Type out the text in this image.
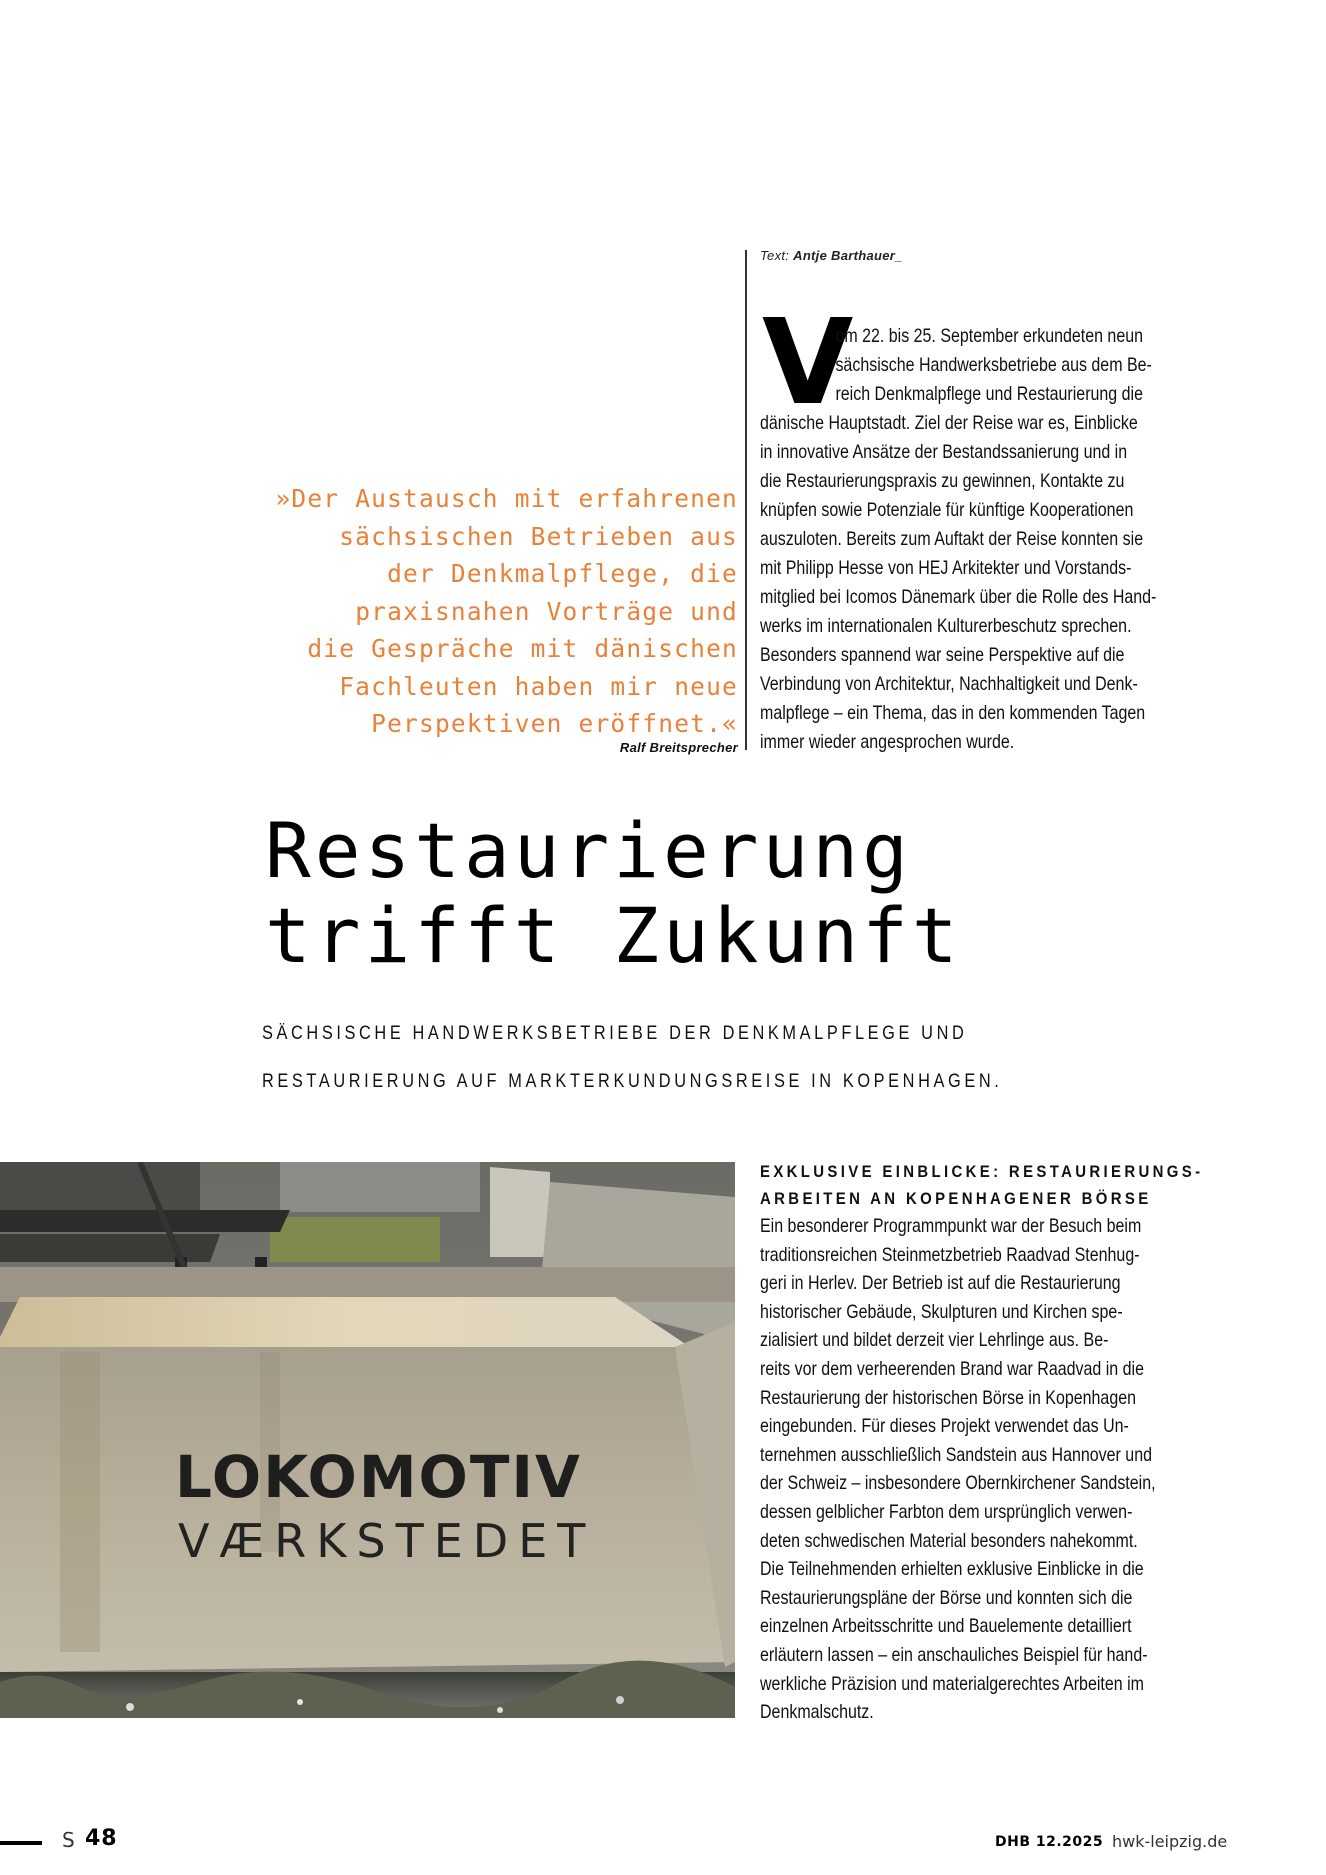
Text: Antje Barthauer_
V
om 22. bis 25. September erkundeten neun
sächsische Handwerksbetriebe aus dem Be-
reich Denkmalpflege und Restaurierung die
dänische Hauptstadt. Ziel der Reise war es, Einblicke
in innovative Ansätze der Bestandssanierung und in
die Restaurierungspraxis zu gewinnen, Kontakte zu
knüpfen sowie Potenziale für künftige Kooperationen
auszuloten. Bereits zum Auftakt der Reise konnten sie
mit Philipp Hesse von HEJ Arkitekter und Vorstands-
mitglied bei Icomos Dänemark über die Rolle des Hand-
werks im internationalen Kulturerbeschutz sprechen.
Besonders spannend war seine Perspektive auf die
Verbindung von Architektur, Nachhaltigkeit und Denk-
malpflege – ein Thema, das in den kommenden Tagen
immer wieder angesprochen wurde.
»Der Austausch mit erfahrenen
sächsischen Betrieben aus
der Denkmalpflege, die
praxisnahen Vorträge und
die Gespräche mit dänischen
Fachleuten haben mir neue
Perspektiven eröffnet.«
Ralf Breitsprecher
Restaurierung
trifft Zukunft
SÄCHSISCHE HANDWERKSBETRIEBE DER DENKMALPFLEGE UND
RESTAURIERUNG AUF MARKTERKUNDUNGSREISE IN KOPENHAGEN.
LOKOMOTIV
VÆRKSTEDET
EXKLUSIVE EINBLICKE: RESTAURIERUNGS-
ARBEITEN AN KOPENHAGENER BÖRSE
Ein besonderer Programmpunkt war der Besuch beim
traditionsreichen Steinmetzbetrieb Raadvad Stenhug-
geri in Herlev. Der Betrieb ist auf die Restaurierung
historischer Gebäude, Skulpturen und Kirchen spe-
zialisiert und bildet derzeit vier Lehrlinge aus. Be-
reits vor dem verheerenden Brand war Raadvad in die
Restaurierung der historischen Börse in Kopenhagen
eingebunden. Für dieses Projekt verwendet das Un-
ternehmen ausschließlich Sandstein aus Hannover und
der Schweiz – insbesondere Obernkirchener Sandstein,
dessen gelblicher Farbton dem ursprünglich verwen-
deten schwedischen Material besonders nahekommt.
Die Teilnehmenden erhielten exklusive Einblicke in die
Restaurierungspläne der Börse und konnten sich die
einzelnen Arbeitsschritte und Bauelemente detailliert
erläutern lassen – ein anschauliches Beispiel für hand-
werkliche Präzision und materialgerechtes Arbeiten im
Denkmalschutz.
S 48	DHB 12.2025 hwk-leipzig.de
